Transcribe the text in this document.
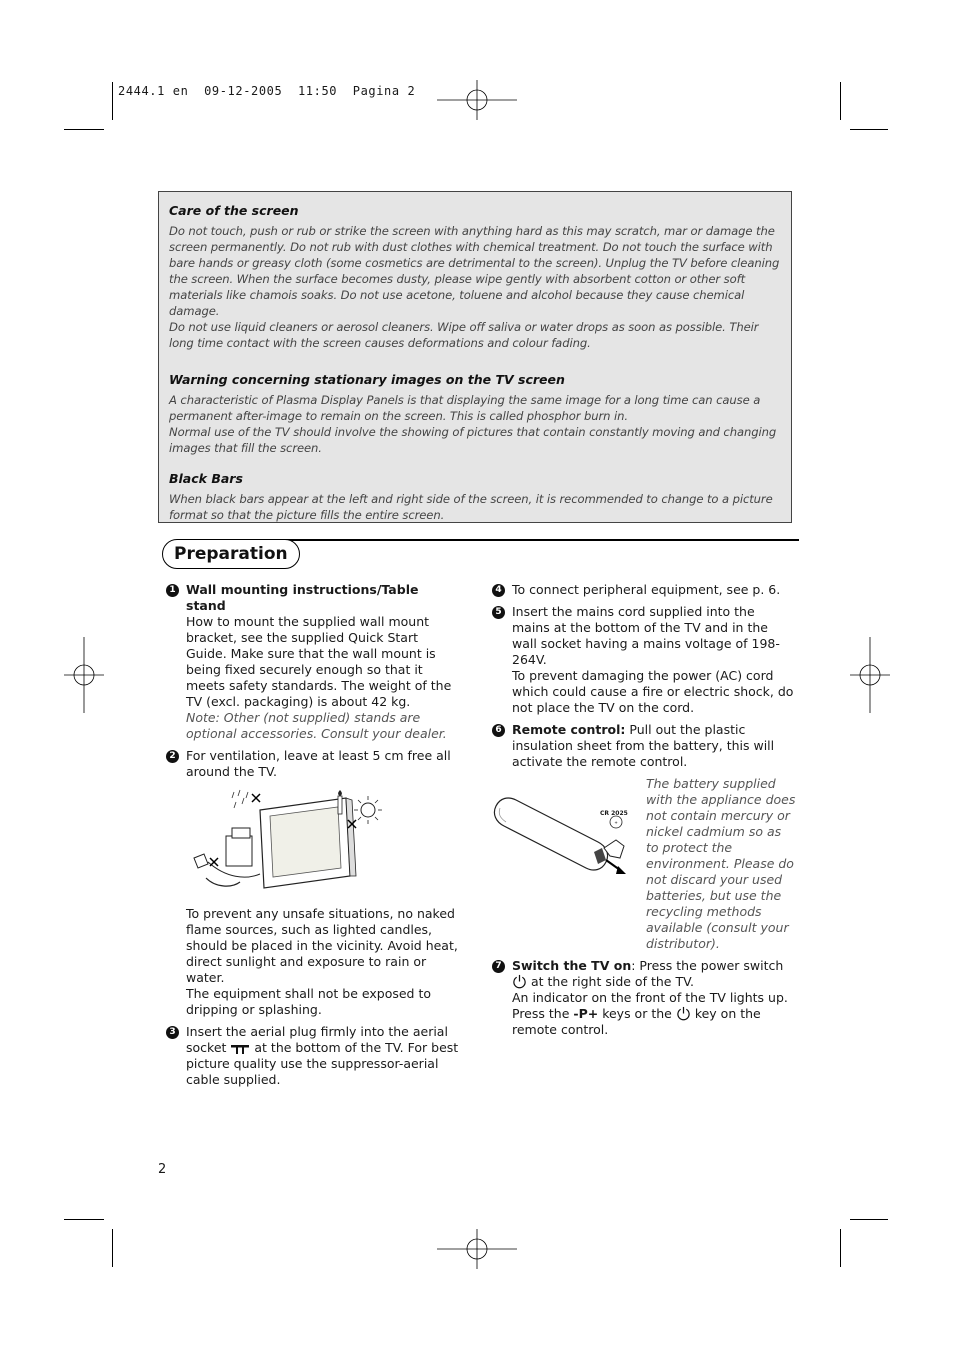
2444.1 en  09-12-2005  11:50  Pagina 2
Care of the screen

Do not touch, push or rub or strike the screen with anything hard as this may scratch, mar or damage the screen permanently. Do not rub with dust clothes with chemical treatment. Do not touch the surface with bare hands or greasy cloth (some cosmetics are detrimental to the screen). Unplug the TV before cleaning the screen. When the surface becomes dusty, please wipe gently with absorbent cotton or other soft materials like chamois soaks. Do not use acetone, toluene and alcohol because they cause chemical damage.

Do not use liquid cleaners or aerosol cleaners. Wipe off saliva or water drops as soon as possible. Their long time contact with the screen causes deformations and colour fading.

Warning concerning stationary images on the TV screen

A characteristic of Plasma Display Panels is that displaying the same image for a long time can cause a permanent after-image to remain on the screen. This is called phosphor burn in.

Normal use of the TV should involve the showing of pictures that contain constantly moving and changing images that fill the screen.

Black Bars

When black bars appear at the left and right side of the screen, it is recommended to change to a picture format so that the picture fills the entire screen.

Preparation
1 Wall mounting instructions/Table stand

How to mount the supplied wall mount bracket, see the supplied Quick Start Guide. Make sure that the wall mount is being fixed securely enough so that it meets safety standards. The weight of the TV (excl. packaging) is about 42 kg.

Note: Other (not supplied) stands are optional accessories. Consult your dealer.

2 For ventilation, leave at least 5 cm free all around the TV.

To prevent any unsafe situations, no naked flame sources, such as lighted candles, should be placed in the vicinity. Avoid heat, direct sunlight and exposure to rain or water.

The equipment shall not be exposed to dripping or splashing.

3 Insert the aerial plug firmly into the aerial socket at the bottom of the TV. For best picture quality use the suppressor-aerial cable supplied.

4 To connect peripheral equipment, see p. 6.

5 Insert the mains cord supplied into the mains at the bottom of the TV and in the wall socket having a mains voltage of 198-264V.

To prevent damaging the power (AC) cord which could cause a fire or electric shock, do not place the TV on the cord.

6 Remote control: Pull out the plastic insulation sheet from the battery, this will activate the remote control.

+
CR 2025

The battery supplied with the appliance does not contain mercury or nickel cadmium so as to protect the environment. Please do not discard your used batteries, but use the recycling methods available (consult your distributor).

7 Switch the TV on: Press the power switch  at the right side of the TV.

An indicator on the front of the TV lights up.

Press the -P+ keys or the key on the remote control.

2
